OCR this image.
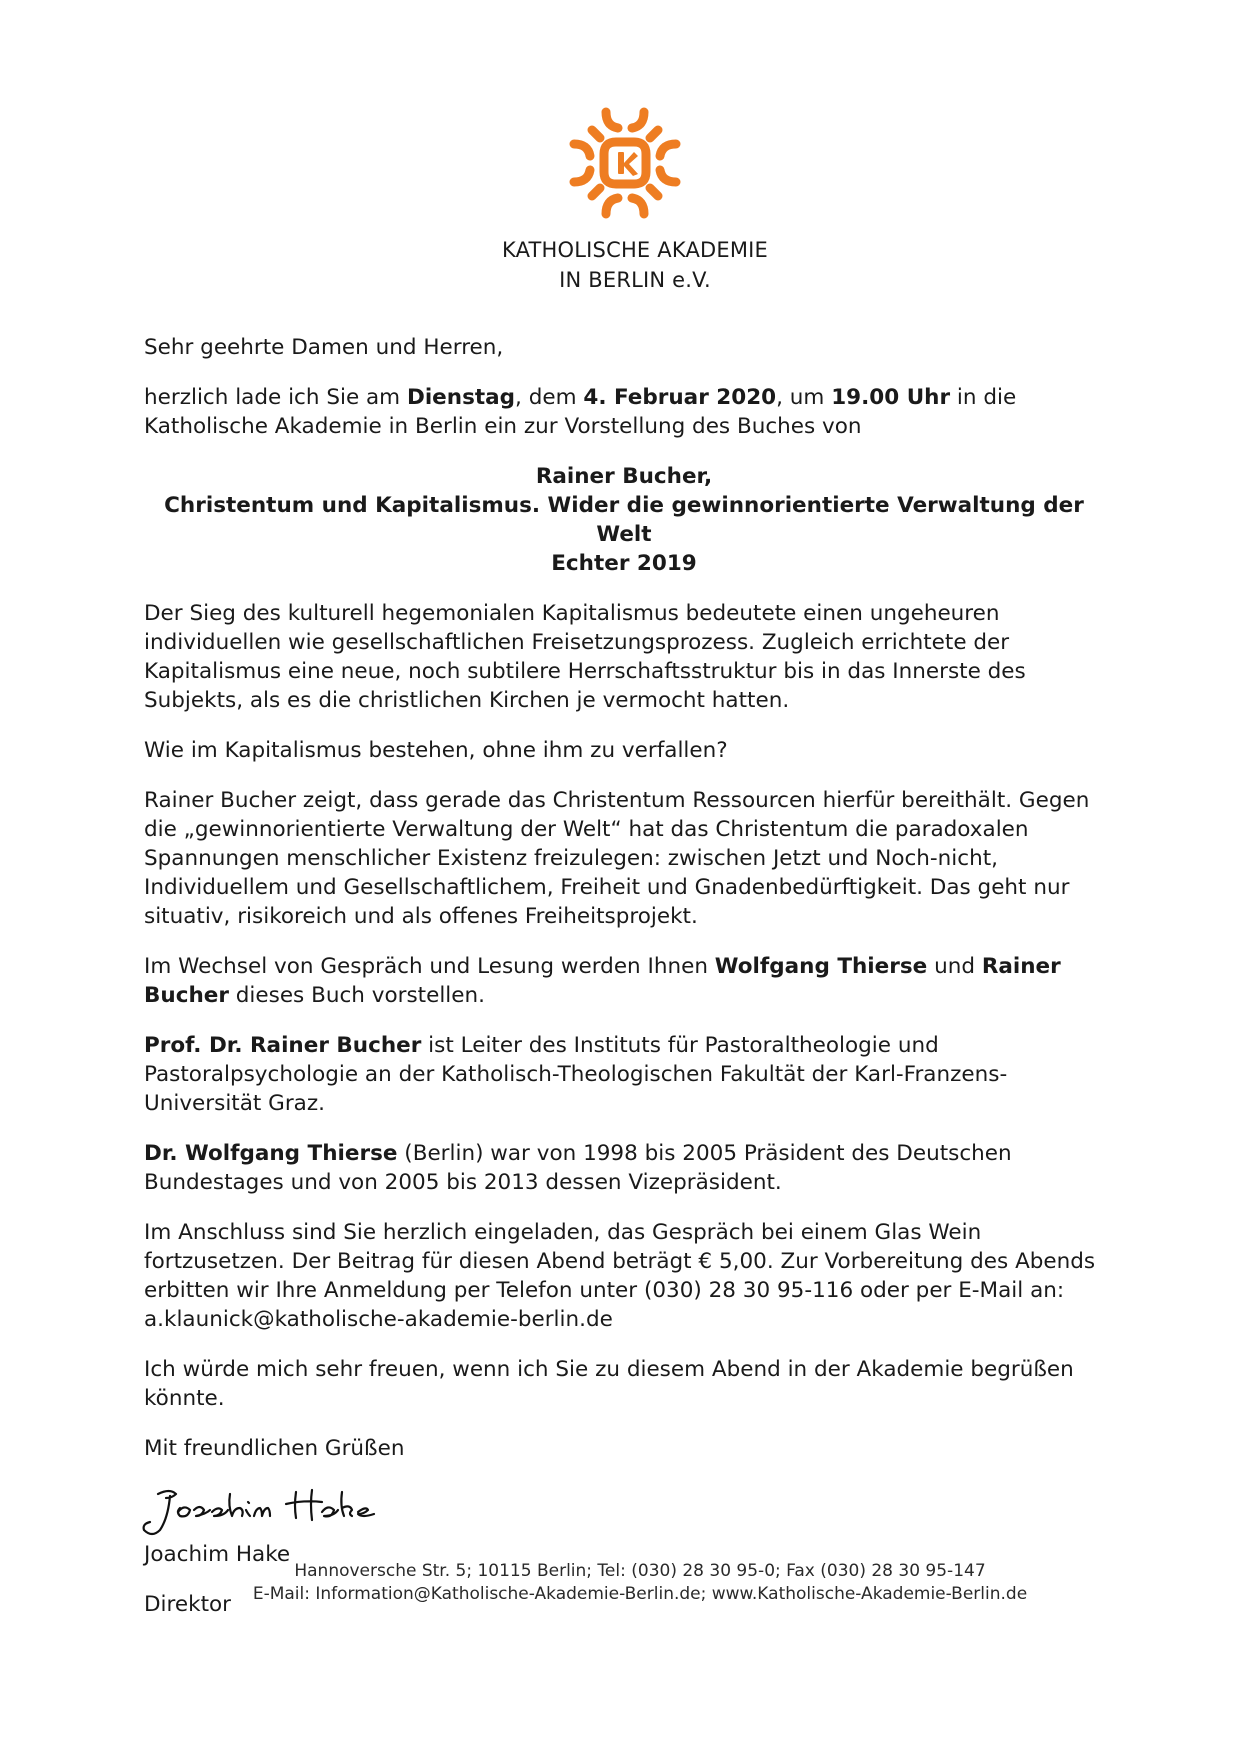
KATHOLISCHE AKADEMIE
IN BERLIN e.V.

Sehr geehrte Damen und Herren,

herzlich lade ich Sie am Dienstag, dem 4. Februar 2020, um 19.00 Uhr in die Katholische Akademie in Berlin ein zur Vorstellung des Buches von

Rainer Bucher,
Christentum und Kapitalismus. Wider die gewinnorientierte Verwaltung der Welt
Echter 2019

Der Sieg des kulturell hegemonialen Kapitalismus bedeutete einen ungeheuren individuellen wie gesellschaftlichen Freisetzungsprozess. Zugleich errichtete der Kapitalismus eine neue, noch subtilere Herrschaftsstruktur bis in das Innerste des Subjekts, als es die christlichen Kirchen je vermocht hatten.

Wie im Kapitalismus bestehen, ohne ihm zu verfallen?

Rainer Bucher zeigt, dass gerade das Christentum Ressourcen hierfür bereithält. Gegen die „gewinnorientierte Verwaltung der Welt“ hat das Christentum die paradoxalen Spannungen menschlicher Existenz freizulegen: zwischen Jetzt und Noch-nicht, Individuellem und Gesellschaftlichem, Freiheit und Gnadenbedürftigkeit. Das geht nur situativ, risikoreich und als offenes Freiheitsprojekt.

Im Wechsel von Gespräch und Lesung werden Ihnen Wolfgang Thierse und Rainer Bucher dieses Buch vorstellen.

Prof. Dr. Rainer Bucher ist Leiter des Instituts für Pastoraltheologie und Pastoralpsychologie an der Katholisch-Theologischen Fakultät der Karl-Franzens-Universität Graz.

Dr. Wolfgang Thierse (Berlin) war von 1998 bis 2005 Präsident des Deutschen Bundestages und von 2005 bis 2013 dessen Vizepräsident.

Im Anschluss sind Sie herzlich eingeladen, das Gespräch bei einem Glas Wein fortzusetzen. Der Beitrag für diesen Abend beträgt € 5,00. Zur Vorbereitung des Abends erbitten wir Ihre Anmeldung per Telefon unter (030) 28 30 95-116 oder per E-Mail an: a.klaunick@katholische-akademie-berlin.de

Ich würde mich sehr freuen, wenn ich Sie zu diesem Abend in der Akademie begrüßen könnte.

Mit freundlichen Grüßen

Joachim Hake

Direktor

Hannoversche Str. 5; 10115 Berlin; Tel: (030) 28 30 95-0; Fax (030) 28 30 95-147
E-Mail: Information@Katholische-Akademie-Berlin.de; www.Katholische-Akademie-Berlin.de
